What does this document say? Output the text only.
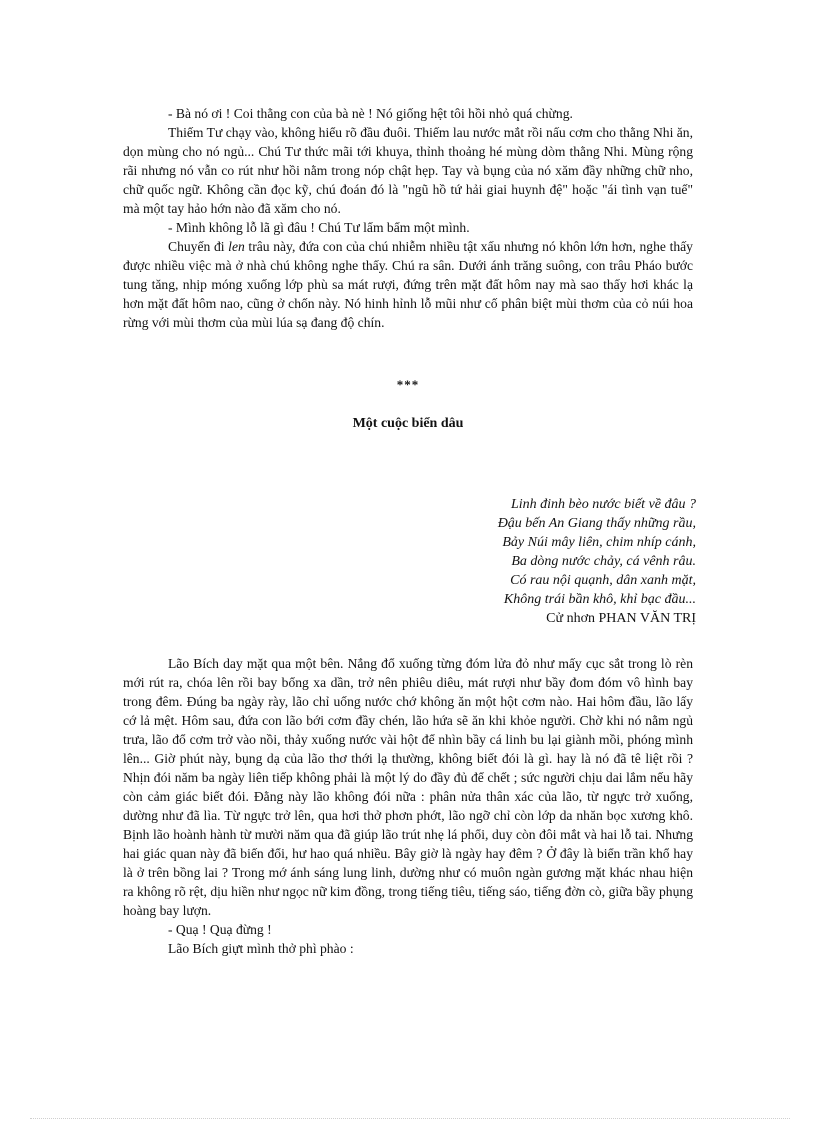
- Bà nó ơi ! Coi thằng con của bà nè ! Nó giống hệt tôi hồi nhỏ quá chừng.

Thiếm Tư chạy vào, không hiểu rõ đầu đuôi. Thiếm lau nước mắt rồi nấu cơm cho thằng Nhi ăn, dọn mùng cho nó ngủ... Chú Tư thức mãi tới khuya, thỉnh thoảng hé mùng dòm thằng Nhi. Mùng rộng rãi nhưng nó vẫn co rút như hồi nằm trong nóp chật hẹp. Tay và bụng của nó xăm đầy những chữ nho, chữ quốc ngữ. Không cần đọc kỹ, chú đoán đó là "ngũ hồ tứ hải giai huynh đệ" hoặc "ái tình vạn tuế" mà một tay hảo hớn nào đã xăm cho nó.

- Mình không lỗ lã gì đâu ! Chú Tư lẩm bẩm một mình.

Chuyến đi len trâu này, đứa con của chú nhiễm nhiều tật xấu nhưng nó khôn lớn hơn, nghe thấy được nhiều việc mà ở nhà chú không nghe thấy. Chú ra sân. Dưới ánh trăng suông, con trâu Pháo bước tung tăng, nhịp móng xuống lớp phù sa mát rượi, đứng trên mặt đất hôm nay mà sao thấy hơi khác lạ hơn mặt đất hôm nao, cũng ở chốn này. Nó hinh hỉnh lỗ mũi như cố phân biệt mùi thơm của cỏ núi hoa rừng với mùi thơm của mùi lúa sạ đang độ chín.

***
Một cuộc biển dâu
Linh đinh bèo nước biết về đâu ?
Đậu bến An Giang thấy những rầu,
Bảy Núi mây liên, chim nhíp cánh,
Ba dòng nước chảy, cá vênh râu.
Có rau nội quạnh, dân xanh mặt,
Không trái bần khô, khỉ bạc đầu...
Cử nhơn PHAN VĂN TRỊ

Lão Bích day mặt qua một bên. Nắng đổ xuống từng đóm lửa đỏ như mấy cục sắt trong lò rèn mới rút ra, chóa lên rồi bay bổng xa dần, trở nên phiêu diêu, mát rượi như bầy đom đóm vô hình bay trong đêm. Đúng ba ngày rày, lão chỉ uống nước chớ không ăn một hột cơm nào. Hai hôm đầu, lão lấy cớ lả mệt. Hôm sau, đứa con lão bới cơm đầy chén, lão hứa sẽ ăn khi khỏe người. Chờ khi nó nằm ngủ trưa, lão đổ cơm trở vào nồi, thảy xuống nước vài hột để nhìn bầy cá linh bu lại giành mồi, phóng mình lên... Giờ phút này, bụng dạ của lão thơ thới lạ thường, không biết đói là gì. hay là nó đã tê liệt rồi ? Nhịn đói năm ba ngày liên tiếp không phải là một lý do đầy đủ để chết ; sức người chịu dai lắm nếu hãy còn cảm giác biết đói. Đằng này lão không đói nữa : phân nửa thân xác của lão, từ ngực trở xuống, dường như đã lìa. Từ ngực trở lên, qua hơi thở phơn phớt, lão ngỡ chỉ còn lớp da nhăn bọc xương khô. Bịnh lão hoành hành từ mười năm qua đã giúp lão trút nhẹ lá phổi, duy còn đôi mắt và hai lỗ tai. Nhưng hai giác quan này đã biến đổi, hư hao quá nhiều. Bây giờ là ngày hay đêm ? Ở đây là biển trần khổ hay là ở trên bồng lai ? Trong mớ ánh sáng lung linh, dường như có muôn ngàn gương mặt khác nhau hiện ra không rõ rệt, dịu hiền như ngọc nữ kim đồng, trong tiếng tiêu, tiếng sáo, tiếng đờn cò, giữa bầy phụng hoàng bay lượn.

- Quạ ! Quạ đừng !

Lão Bích giựt mình thở phì phào :
